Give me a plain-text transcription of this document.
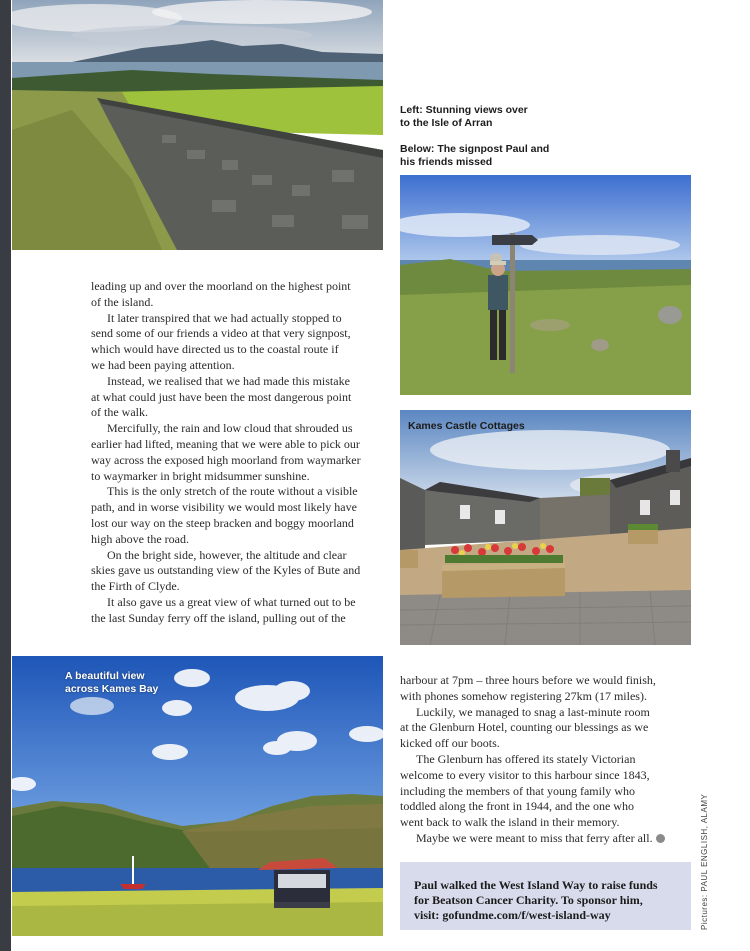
Left: Stunning views over
to the Isle of Arran
Below: The signpost Paul and
his friends missed
Kames Castle Cottages
A beautiful view
across Kames Bay

leading up and over the moorland on the highest point
of the island.

It later transpired that we had actually stopped to
send some of our friends a video at that very signpost,
which would have directed us to the coastal route if
we had been paying attention.

Instead, we realised that we had made this mistake
at what could just have been the most dangerous point
of the walk.

Mercifully, the rain and low cloud that shrouded us
earlier had lifted, meaning that we were able to pick our
way across the exposed high moorland from waymarker
to waymarker in bright midsummer sunshine.

This is the only stretch of the route without a visible
path, and in worse visibility we would most likely have
lost our way on the steep bracken and boggy moorland
high above the road.

On the bright side, however, the altitude and clear
skies gave us outstanding view of the Kyles of Bute and
the Firth of Clyde.

It also gave us a great view of what turned out to be
the last Sunday ferry off the island, pulling out of the

harbour at 7pm – three hours before we would finish,
with phones somehow registering 27km (17 miles).

Luckily, we managed to snag a last-minute room
at the Glenburn Hotel, counting our blessings as we
kicked off our boots.

The Glenburn has offered its stately Victorian
welcome to every visitor to this harbour since 1843,
including the members of that young family who
toddled along the front in 1944, and the one who
went back to walk the island in their memory.

Maybe we were meant to miss that ferry after all.

Paul walked the West Island Way to raise funds
for Beatson Cancer Charity. To sponsor him,
visit: gofundme.com/f/west-island-way	Pictures: PAUL ENGLISH, ALAMY
